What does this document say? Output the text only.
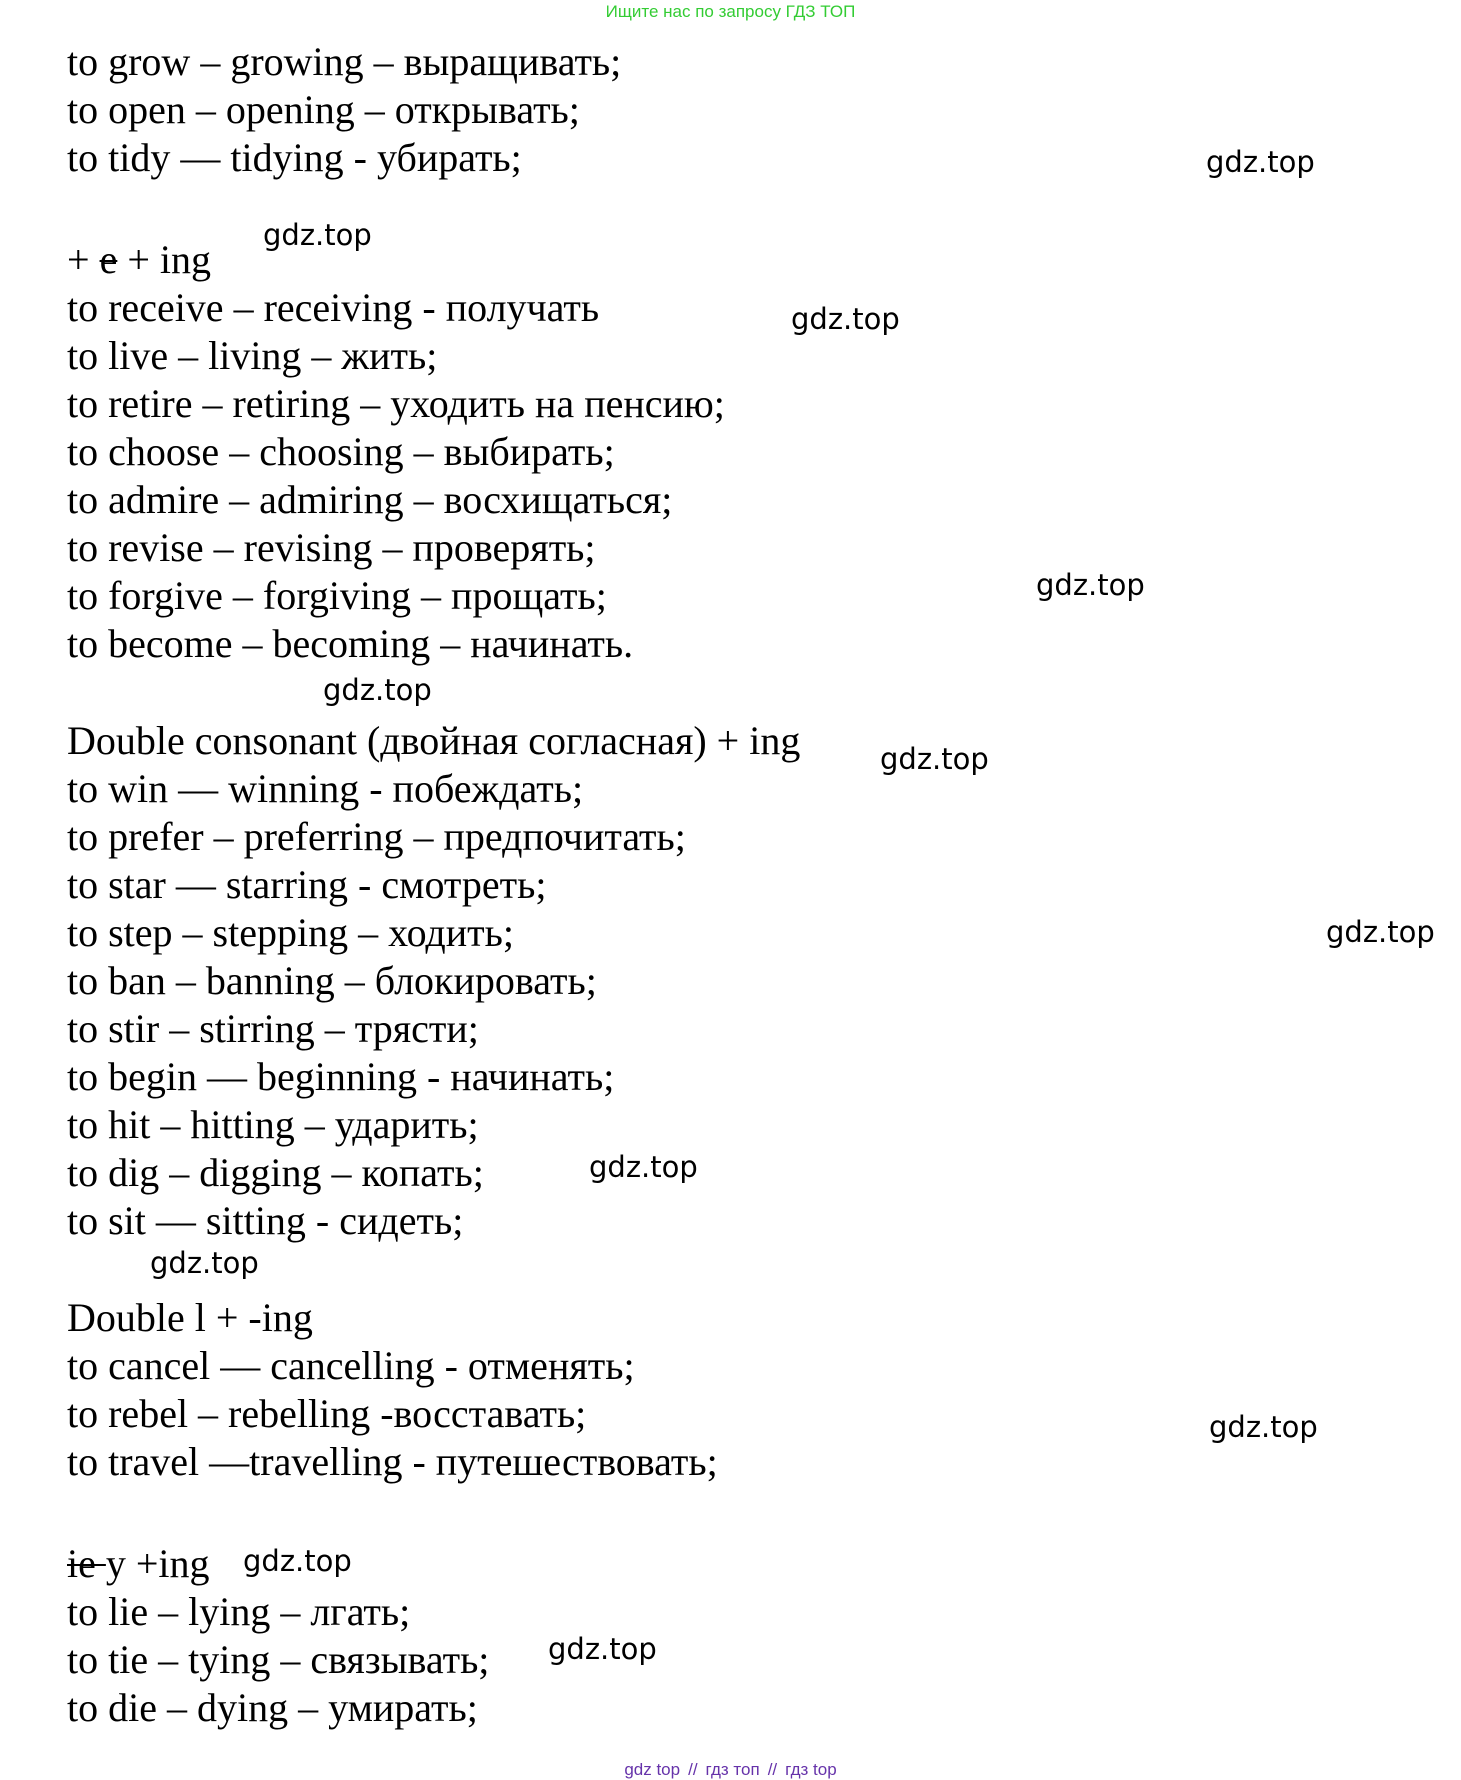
Ищите нас по запросу ГДЗ ТОП
to grow – growing – выращивать;
to open – opening – открывать;
to tidy — tidying - убирать;
+ e + ing
to receive – receiving - получать
to live – living – жить;
to retire – retiring – уходить на пенсию;
to choose – choosing – выбирать;
to admire – admiring – восхищаться;
to revise – revising – проверять;
to forgive – forgiving – прощать;
to become – becoming – начинать.
Double consonant (двойная согласная) + ing
to win — winning - побеждать;
to prefer – preferring – предпочитать;
to star — starring - смотреть;
to step – stepping – ходить;
to ban – banning – блокировать;
to stir – stirring – трясти;
to begin — beginning - начинать;
to hit – hitting – ударить;
to dig – digging – копать;
to sit — sitting - сидеть;
Double l + -ing
to cancel — cancelling - отменять;
to rebel – rebelling -восставать;
to travel —travelling - путешествовать;
ie y +ing
to lie – lying – лгать;
to tie – tying – связывать;
to die – dying – умирать;
gdz.top
gdz.top
gdz.top
gdz.top
gdz.top
gdz.top
gdz.top
gdz.top
gdz.top
gdz.top
gdz.top
gdz.top
gdz top // гдз топ // гдз top
